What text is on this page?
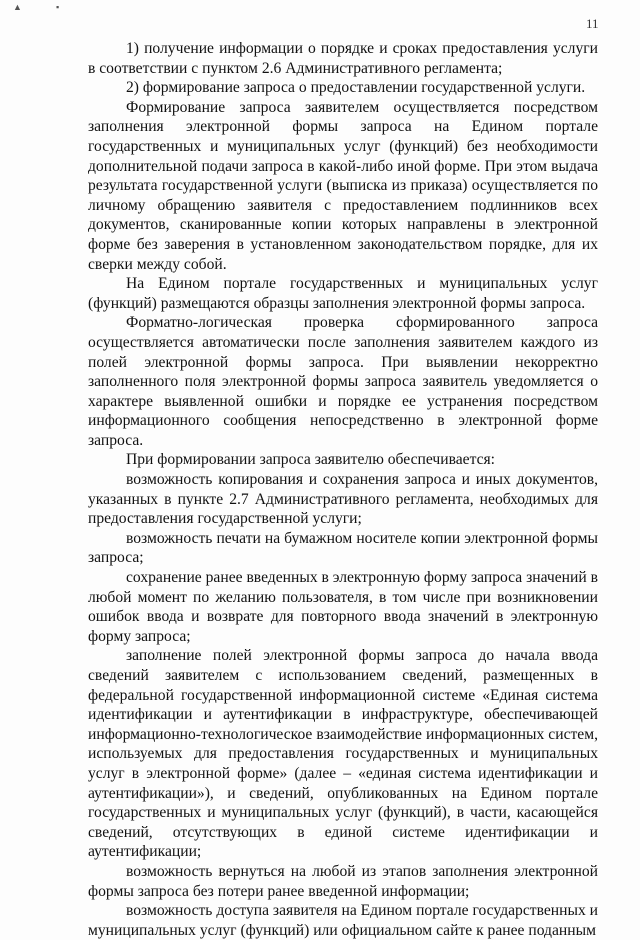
▲	▪
11

1) получение информации о порядке и сроках предоставления услуги в соответствии с пунктом 2.6 Административного регламента;

2) формирование запроса о предоставлении государственной услуги.

Формирование запроса заявителем осуществляется посредством заполнения электронной формы запроса на Едином портале государственных и муниципальных услуг (функций) без необходимости дополнительной подачи запроса в какой-либо иной форме. При этом выдача результата государственной услуги (выписка из приказа) осуществляется по личному обращению заявителя с предоставлением подлинников всех документов, сканированные копии которых направлены в электронной форме без заверения в установленном законодательством порядке, для их сверки между собой.

На Едином портале государственных и муниципальных услуг (функций) размещаются образцы заполнения электронной формы запроса.

Форматно-логическая проверка сформированного запроса осуществляется автоматически после заполнения заявителем каждого из полей электронной формы запроса. При выявлении некорректно заполненного поля электронной формы запроса заявитель уведомляется о характере выявленной ошибки и порядке ее устранения посредством информационного сообщения непосредственно в электронной форме запроса.

При формировании запроса заявителю обеспечивается:

возможность копирования и сохранения запроса и иных документов, указанных в пункте 2.7 Административного регламента, необходимых для предоставления государственной услуги;

возможность печати на бумажном носителе копии электронной формы запроса;

сохранение ранее введенных в электронную форму запроса значений в любой момент по желанию пользователя, в том числе при возникновении ошибок ввода и возврате для повторного ввода значений в электронную форму запроса;

заполнение полей электронной формы запроса до начала ввода сведений заявителем с использованием сведений, размещенных в федеральной государственной информационной системе «Единая система идентификации и аутентификации в инфраструктуре, обеспечивающей информационно-технологическое взаимодействие информационных систем, используемых для предоставления государственных и муниципальных услуг в электронной форме» (далее – «единая система идентификации и аутентификации»), и сведений, опубликованных на Едином портале государственных и муниципальных услуг (функций), в части, касающейся сведений, отсутствующих в единой системе идентификации и аутентификации;

возможность вернуться на любой из этапов заполнения электронной формы запроса без потери ранее введенной информации;

возможность доступа заявителя на Едином портале государственных и муниципальных услуг (функций) или официальном сайте к ранее поданным
